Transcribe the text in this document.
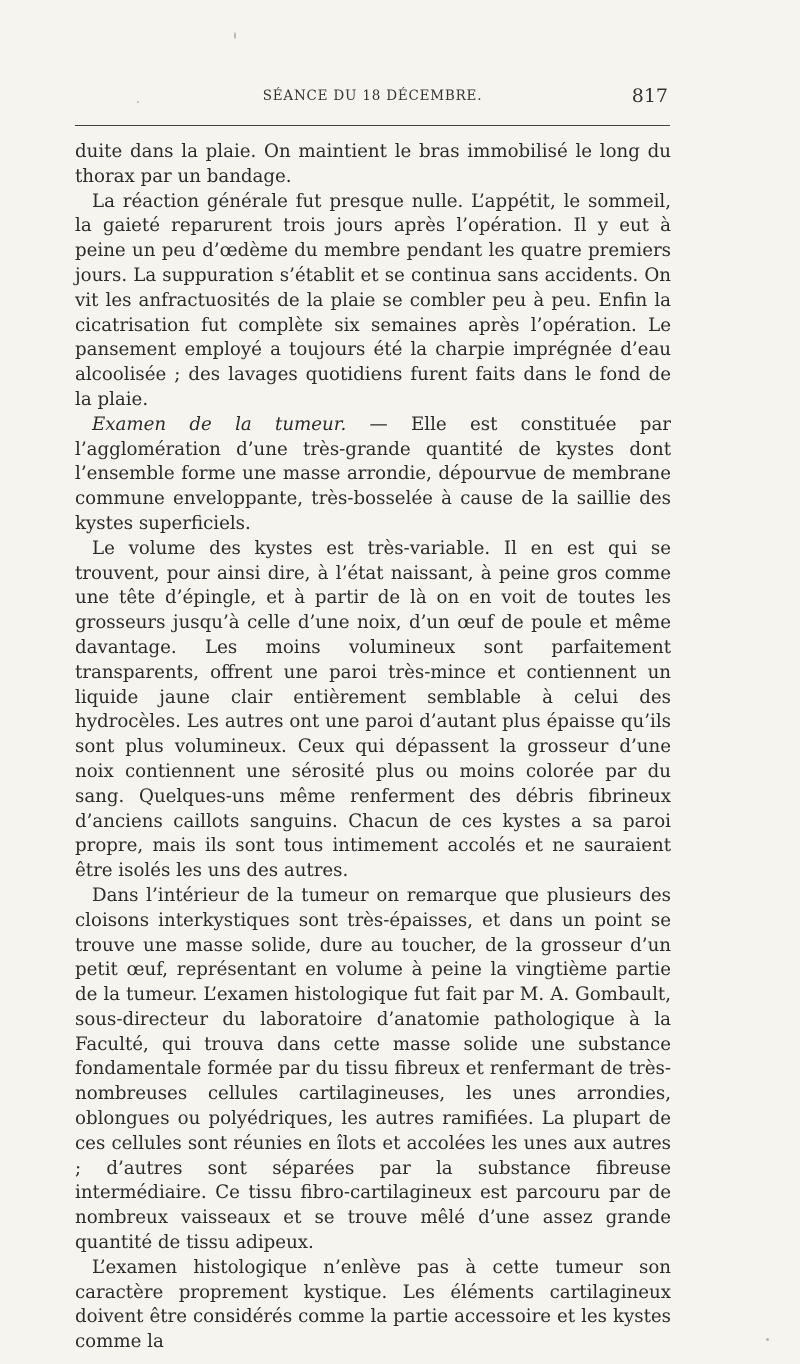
SÉANCE DU 18 DÉCEMBRE.	817

duite dans la plaie. On maintient le bras immobilisé le long du thorax par un bandage.

La réaction générale fut presque nulle. L’appétit, le sommeil, la gaieté reparurent trois jours après l’opération. Il y eut à peine un peu d’œdème du membre pendant les quatre premiers jours. La suppuration s’établit et se continua sans accidents. On vit les anfractuosités de la plaie se combler peu à peu. Enfin la cicatrisation fut complète six semaines après l’opération. Le pansement employé a toujours été la charpie imprégnée d’eau alcoolisée ; des lavages quotidiens furent faits dans le fond de la plaie.

Examen de la tumeur. — Elle est constituée par l’agglomération d’une très-grande quantité de kystes dont l’ensemble forme une masse arrondie, dépourvue de membrane commune enveloppante, très-bosselée à cause de la saillie des kystes superficiels.

Le volume des kystes est très-variable. Il en est qui se trouvent, pour ainsi dire, à l’état naissant, à peine gros comme une tête d’épingle, et à partir de là on en voit de toutes les grosseurs jusqu’à celle d’une noix, d’un œuf de poule et même davantage. Les moins volumineux sont parfaitement transparents, offrent une paroi très-mince et contiennent un liquide jaune clair entièrement semblable à celui des hydrocèles. Les autres ont une paroi d’autant plus épaisse qu’ils sont plus volumineux. Ceux qui dépassent la grosseur d’une noix contiennent une sérosité plus ou moins colorée par du sang. Quelques-uns même renferment des débris fibrineux d’anciens caillots sanguins. Chacun de ces kystes a sa paroi propre, mais ils sont tous intimement accolés et ne sauraient être isolés les uns des autres.

Dans l’intérieur de la tumeur on remarque que plusieurs des cloisons interkystiques sont très-épaisses, et dans un point se trouve une masse solide, dure au toucher, de la grosseur d’un petit œuf, représentant en volume à peine la vingtième partie de la tumeur. L’examen histologique fut fait par M. A. Gombault, sous-directeur du laboratoire d’anatomie pathologique à la Faculté, qui trouva dans cette masse solide une substance fondamentale formée par du tissu fibreux et renfermant de très-nombreuses cellules cartilagineuses, les unes arrondies, oblongues ou polyédriques, les autres ramifiées. La plupart de ces cellules sont réunies en îlots et accolées les unes aux autres ; d’autres sont séparées par la substance fibreuse intermédiaire. Ce tissu fibro-cartilagineux est parcouru par de nombreux vaisseaux et se trouve mêlé d’une assez grande quantité de tissu adipeux.

L’examen histologique n’enlève pas à cette tumeur son caractère proprement kystique. Les éléments cartilagineux doivent être considérés comme la partie accessoire et les kystes comme la
